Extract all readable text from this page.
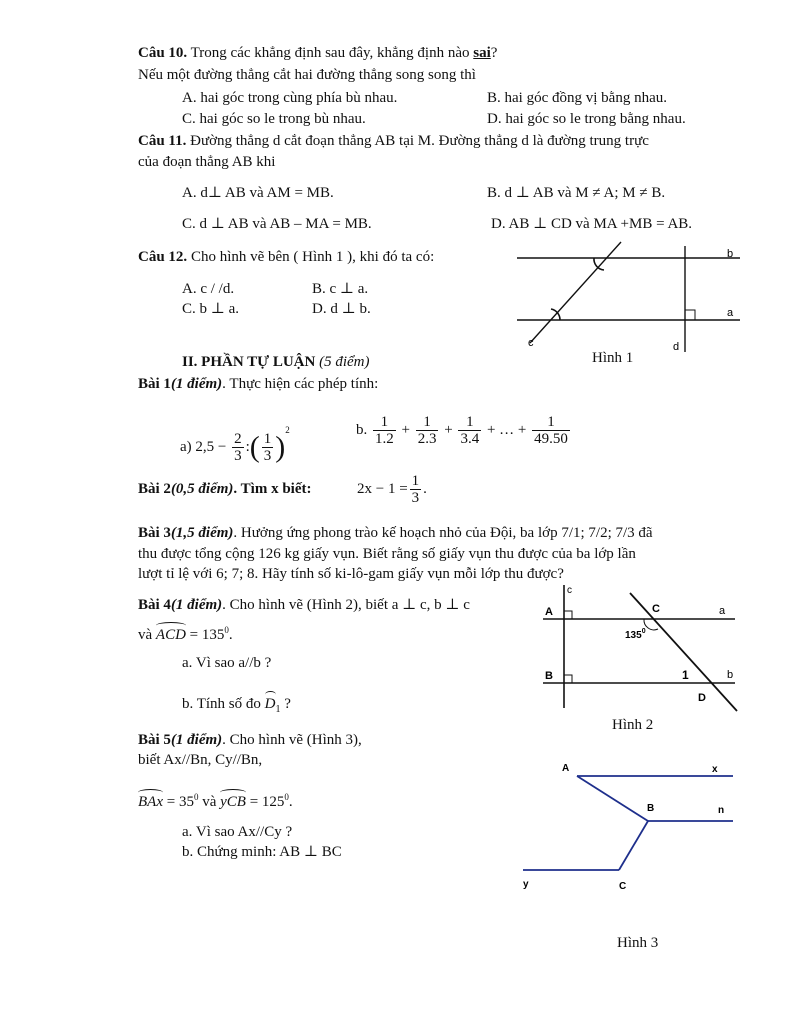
Câu 10. Trong các khẳng định sau đây, khẳng định nào sai?
Nếu một đường thẳng cắt hai đường thẳng song song thì
A. hai góc trong cùng phía bù nhau.	B. hai góc đồng vị bằng nhau.
C. hai góc so le trong bù nhau.	D. hai góc so le trong bằng nhau.
Câu 11. Đường thẳng d cắt đoạn thẳng AB tại M. Đường thẳng d là đường trung trực
của đoạn thẳng AB khi
A. d⊥ AB và AM = MB.	B. d ⊥ AB và M ≠ A; M ≠ B.
C. d ⊥ AB và AB – MA = MB.	D. AB ⊥ CD và MA +MB = AB.
Câu 12. Cho hình vẽ bên ( Hình 1 ), khi đó ta có:
A. c / /d.	B. c ⊥ a.
C. b ⊥ a.	D. d ⊥ b.
b
a
c	d
Hình 1
II. PHẦN TỰ LUẬN (5 điểm)
Bài 1(1 điểm). Thực hiện các phép tính:
a) $2,5 - \frac{2}{3}$ :( $\frac{1}{3} )^2$	b. $\frac{1}{1.2} + \frac{1}{2.3} + \frac{1}{3.4}$ + … + $\frac{1}{49.50}$
Bài 2(0,5 điểm). Tìm x biết:	$2x - 1 = \frac{1}{3}$ .
Bài 3(1,5 điểm). Hưởng ứng phong trào kế hoạch nhỏ của Đội, ba lớp 7/1; 7/2; 7/3 đã
thu được tổng cộng 126 kg giấy vụn. Biết rằng số giấy vụn thu được của ba lớp lần
lượt tỉ lệ với 6; 7; 8. Hãy tính số ki-lô-gam giấy vụn mỗi lớp thu được?
Bài 4(1 điểm). Cho hình vẽ (Hình 2), biết a ⊥ c, b ⊥ c
và ACD = $135^0$.
a. Vì sao a//b ?
b. Tính số đo $D_1$ ?
c
A	C	a
$135^0$
B	1	b
D
Hình 2
Bài 5(1 điểm). Cho hình vẽ (Hình 3),
biết Ax//Bn, Cy//Bn,
BAx = $35^0$ và yCB = $125^0$.
a. Vì sao Ax//Cy ?
b. Chứng minh: AB ⊥ BC
A	x
B	n
y	C
Hình 3
